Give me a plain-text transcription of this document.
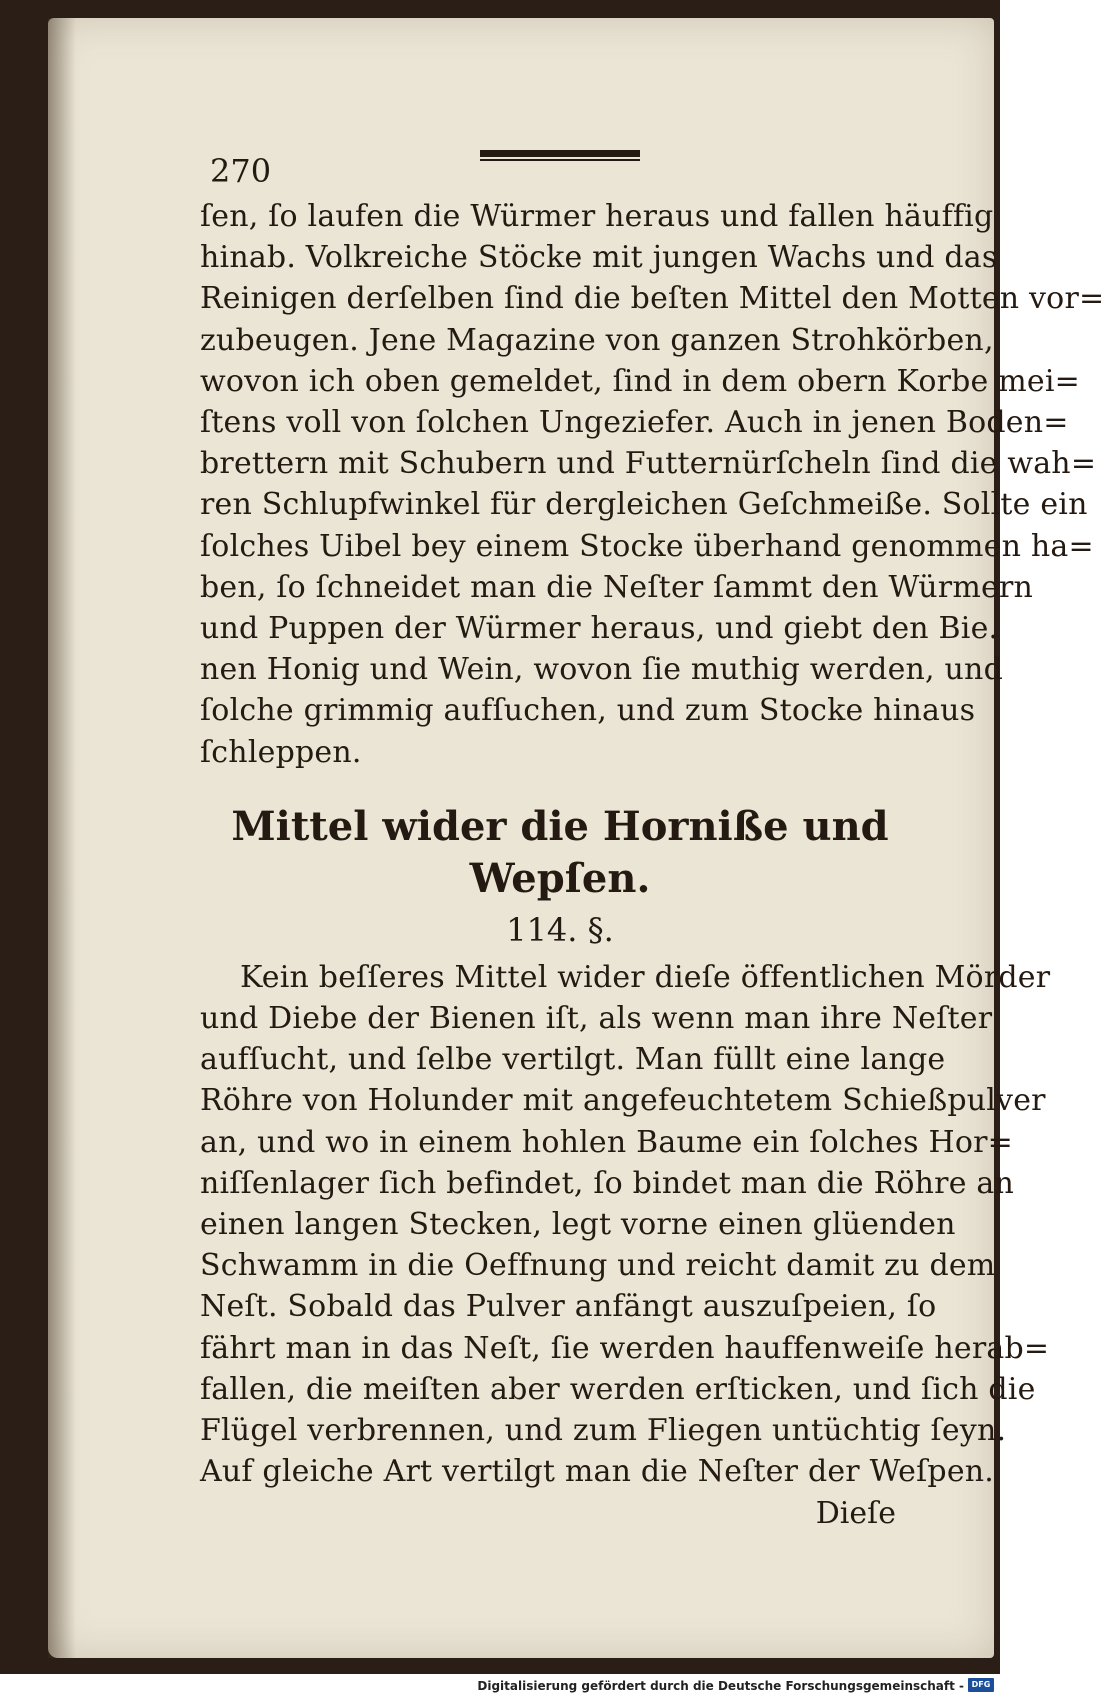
270
ſen, ſo laufen die Würmer heraus und fallen häuffig
hinab. Volkreiche Stöcke mit jungen Wachs und das
Reinigen derſelben ſind die beſten Mittel den Motten vor=
zubeugen. Jene Magazine von ganzen Strohkörben,
wovon ich oben gemeldet, ſind in dem obern Korbe mei=
ſtens voll von ſolchen Ungeziefer. Auch in jenen Boden=
brettern mit Schubern und Futternürſcheln ſind die wah=
ren Schlupfwinkel für dergleichen Geſchmeiße. Sollte ein
ſolches Uibel bey einem Stocke überhand genommen ha=
ben, ſo ſchneidet man die Neſter ſammt den Würmern
und Puppen der Würmer heraus, und giebt den Bie.
nen Honig und Wein, wovon ſie muthig werden, und
ſolche grimmig aufſuchen, und zum Stocke hinaus
ſchleppen.
Mittel wider die Horniße und
Wepſen.
114. §.
Kein beſſeres Mittel wider dieſe öffentlichen Mörder
und Diebe der Bienen iſt, als wenn man ihre Neſter
aufſucht, und ſelbe vertilgt. Man füllt eine lange
Röhre von Holunder mit angefeuchtetem Schießpulver
an, und wo in einem hohlen Baume ein ſolches Hor=
niſſenlager ſich befindet, ſo bindet man die Röhre an
einen langen Stecken, legt vorne einen glüenden
Schwamm in die Oeffnung und reicht damit zu dem
Neſt. Sobald das Pulver anfängt auszuſpeien, ſo
fährt man in das Neſt, ſie werden hauffenweiſe herab=
fallen, die meiſten aber werden erſticken, und ſich die
Flügel verbrennen, und zum Fliegen untüchtig ſeyn.
Auf gleiche Art vertilgt man die Neſter der Weſpen.
Dieſe
Digitalisierung gefördert durch die Deutsche Forschungsgemeinschaft - DFG
